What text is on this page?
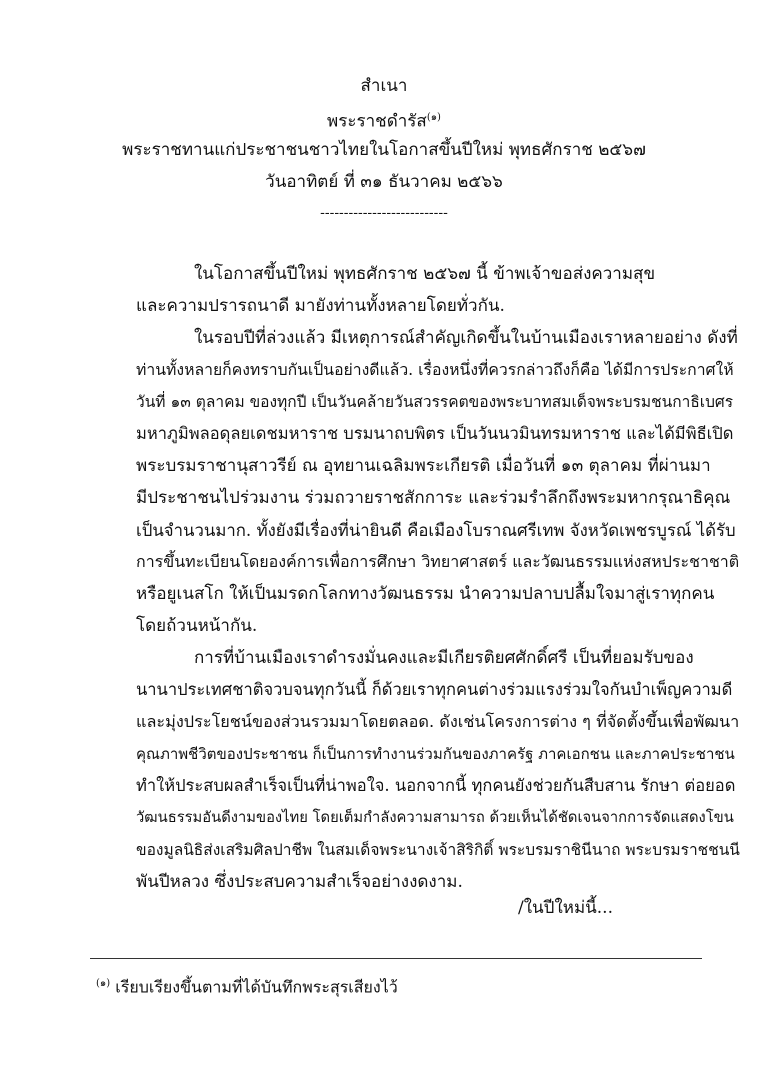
สำเนา
พระราชดำรัส$^{(๑)}$
พระราชทานแก่ประชาชนชาวไทยในโอกาสขึ้นปีใหม่ พุทธศักราช ๒๕๖๗
วันอาทิตย์ ที่ ๓๑ ธันวาคม ๒๕๖๖
---------------------------
ในโอกาสขึ้นปีใหม่ พุทธศักราช ๒๕๖๗ นี้ ข้าพเจ้าขอส่งความสุข
และความปรารถนาดี มายังท่านทั้งหลายโดยทั่วกัน.
ในรอบปีที่ล่วงแล้ว มีเหตุการณ์สำคัญเกิดขึ้นในบ้านเมืองเราหลายอย่าง ดังที่
ท่านทั้งหลายก็คงทราบกันเป็นอย่างดีแล้ว. เรื่องหนึ่งที่ควรกล่าวถึงก็คือ ได้มีการประกาศให้
วันที่ ๑๓ ตุลาคม ของทุกปี เป็นวันคล้ายวันสวรรคตของพระบาทสมเด็จพระบรมชนกาธิเบศร
มหาภูมิพลอดุลยเดชมหาราช บรมนาถบพิตร เป็นวันนวมินทรมหาราช และได้มีพิธีเปิด
พระบรมราชานุสาวรีย์ ณ อุทยานเฉลิมพระเกียรติ เมื่อวันที่ ๑๓ ตุลาคม ที่ผ่านมา
มีประชาชนไปร่วมงาน ร่วมถวายราชสักการะ และร่วมรำลึกถึงพระมหากรุณาธิคุณ
เป็นจำนวนมาก. ทั้งยังมีเรื่องที่น่ายินดี คือเมืองโบราณศรีเทพ จังหวัดเพชรบูรณ์ ได้รับ
การขึ้นทะเบียนโดยองค์การเพื่อการศึกษา วิทยาศาสตร์ และวัฒนธรรมแห่งสหประชาชาติ
หรือยูเนสโก ให้เป็นมรดกโลกทางวัฒนธรรม นำความปลาบปลื้มใจมาสู่เราทุกคน
โดยถ้วนหน้ากัน.
การที่บ้านเมืองเราดำรงมั่นคงและมีเกียรติยศศักดิ์ศรี เป็นที่ยอมรับของ
นานาประเทศชาติจวบจนทุกวันนี้ ก็ด้วยเราทุกคนต่างร่วมแรงร่วมใจกันบำเพ็ญความดี
และมุ่งประโยชน์ของส่วนรวมมาโดยตลอด. ดังเช่นโครงการต่าง ๆ ที่จัดตั้งขึ้นเพื่อพัฒนา
คุณภาพชีวิตของประชาชน ก็เป็นการทำงานร่วมกันของภาครัฐ ภาคเอกชน และภาคประชาชน
ทำให้ประสบผลสำเร็จเป็นที่น่าพอใจ. นอกจากนี้ ทุกคนยังช่วยกันสืบสาน รักษา ต่อยอด
วัฒนธรรมอันดีงามของไทย โดยเต็มกำลังความสามารถ ด้วยเห็นได้ชัดเจนจากการจัดแสดงโขน
ของมูลนิธิส่งเสริมศิลปาชีพ ในสมเด็จพระนางเจ้าสิริกิติ์ พระบรมราชินีนาถ พระบรมราชชนนี
พันปีหลวง ซึ่งประสบความสำเร็จอย่างงดงาม.
/ในปีใหม่นี้...
$^{(๑)}$ เรียบเรียงขึ้นตามที่ได้บันทึกพระสุรเสียงไว้
